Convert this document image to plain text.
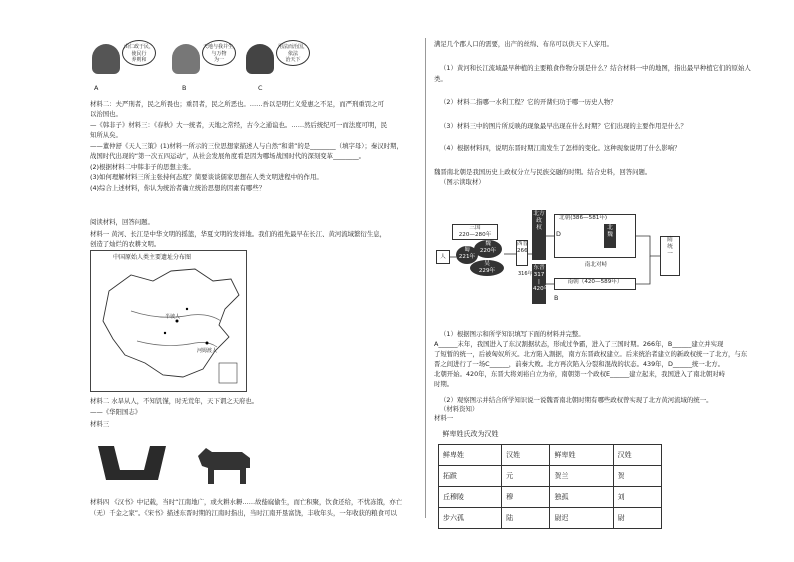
由仁政于民，
使民行
养则和
天地与我并生，
与万物
为一
用法而治国，
依法
治天下
A	B	C
材料二：夫严刑者，民之所畏也；重罚者，民之所恶也。……吾以是明仁义爱惠之不足，而严刑重罚之可
以治国也。
—《韩非子》材料三：《春秋》大一统者，天地之常经，古今之通谊也。……然后统纪可一而法度可明，民
知所从矣。
——董仲舒《天人三策》(1)材料一所示的三位思想家描述人与自然“和谐”的是________（填字母）；秦汉时期，
战国时代出现的“第一次五四运动”，从社会发展角度看是因为哪场战国时代的深刻变革________。
(2)根据材料二中韩非子的思想主张。
(3)如何理解材料三所主张持何态度？简要谈谈儒家思想在人类文明进程中的作用。
(4)综合上述材料，你认为统治者确立统治思想的因素有哪些？
阅读材料，回答问题。
材料一 黄河、长江是中华文明的摇篮，华夏文明的发祥地。我们的祖先最早在长江、黄河流域繁衍生息，
创造了灿烂的农耕文明。
中国原始人类主要遗址分布图
半坡人
河姆渡人
材料二 水旱从人，不知饥馑，时无荒年，天下谓之天府也。
——《华阳国志》
材料三
材料四 《汉书》中记载，当时“江南地广，或火耕水耨……故啙窳偷生，而亡积聚，饮食还给，不忧冻饿，亦亡
（无）千金之家”。《宋书》描述东晋时期的江南时指出，当时江南开垦富饶，丰收年头，一年收获的粮食可以
满足几个郡人口的需要，出产的丝绵、布帛可以供天下人穿用。
（1）黄河和长江流域最早种植的主要粮食作物分别是什么？结合材料一中的地图，指出最早种植它们的原始人
类。
（2）材料二指哪一水利工程？它的开凿归功于哪一历史人物？
（3）材料三中的图片所反映的现象最早出现在什么时期？它们出现的主要作用是什么？
（4）根据材料四，说明东晋时期江南发生了怎样的变化。这种现象说明了什么影响？
魏晋南北朝是我国历史上政权分立与民族交融的时期。结合史料，回答问题。
（图示读取材）
人
三国
220—280年
魏
220年
蜀
221年
吴
229年
西晋
266
北方
政
权
东晋
317
|
420年
316年
北朝(386—581年)
北
魏
D
南北对峙
南朝（420—589年）
B
隋
统
一
（1）根据图示和所学知识填写下面的材料并完整。
A______末年，我国进入了东汉割据状态，形成过争霸，进入了三国时期。266年，B______建立并实现
了短暂的统一，后被匈奴所灭。北方陷入割据，南方东晋政权建立。后来统治者建立的新政权统一了北方，与东
晋之间进行了一场C______，前秦大败。北方再次陷入分裂和混战的状态。439年，D______统一北方。
北朝开始。420年，东晋大将刘裕自立为帝，南朝第一个政权E______建立起来，我国进入了南北朝对峙
时期。
（2）观察图示并结合所学知识说一说魏晋南北朝时期有哪些政权曾实现了北方黄河流域的统一。
（材料资知）
材料一
鲜卑姓氏改为汉姓			
鲜卑姓	汉姓	鲜卑姓	汉姓
拓跋	元	贺兰	贺
丘穆陵	穆	独孤	刘
步六孤	陆	尉迟	尉
